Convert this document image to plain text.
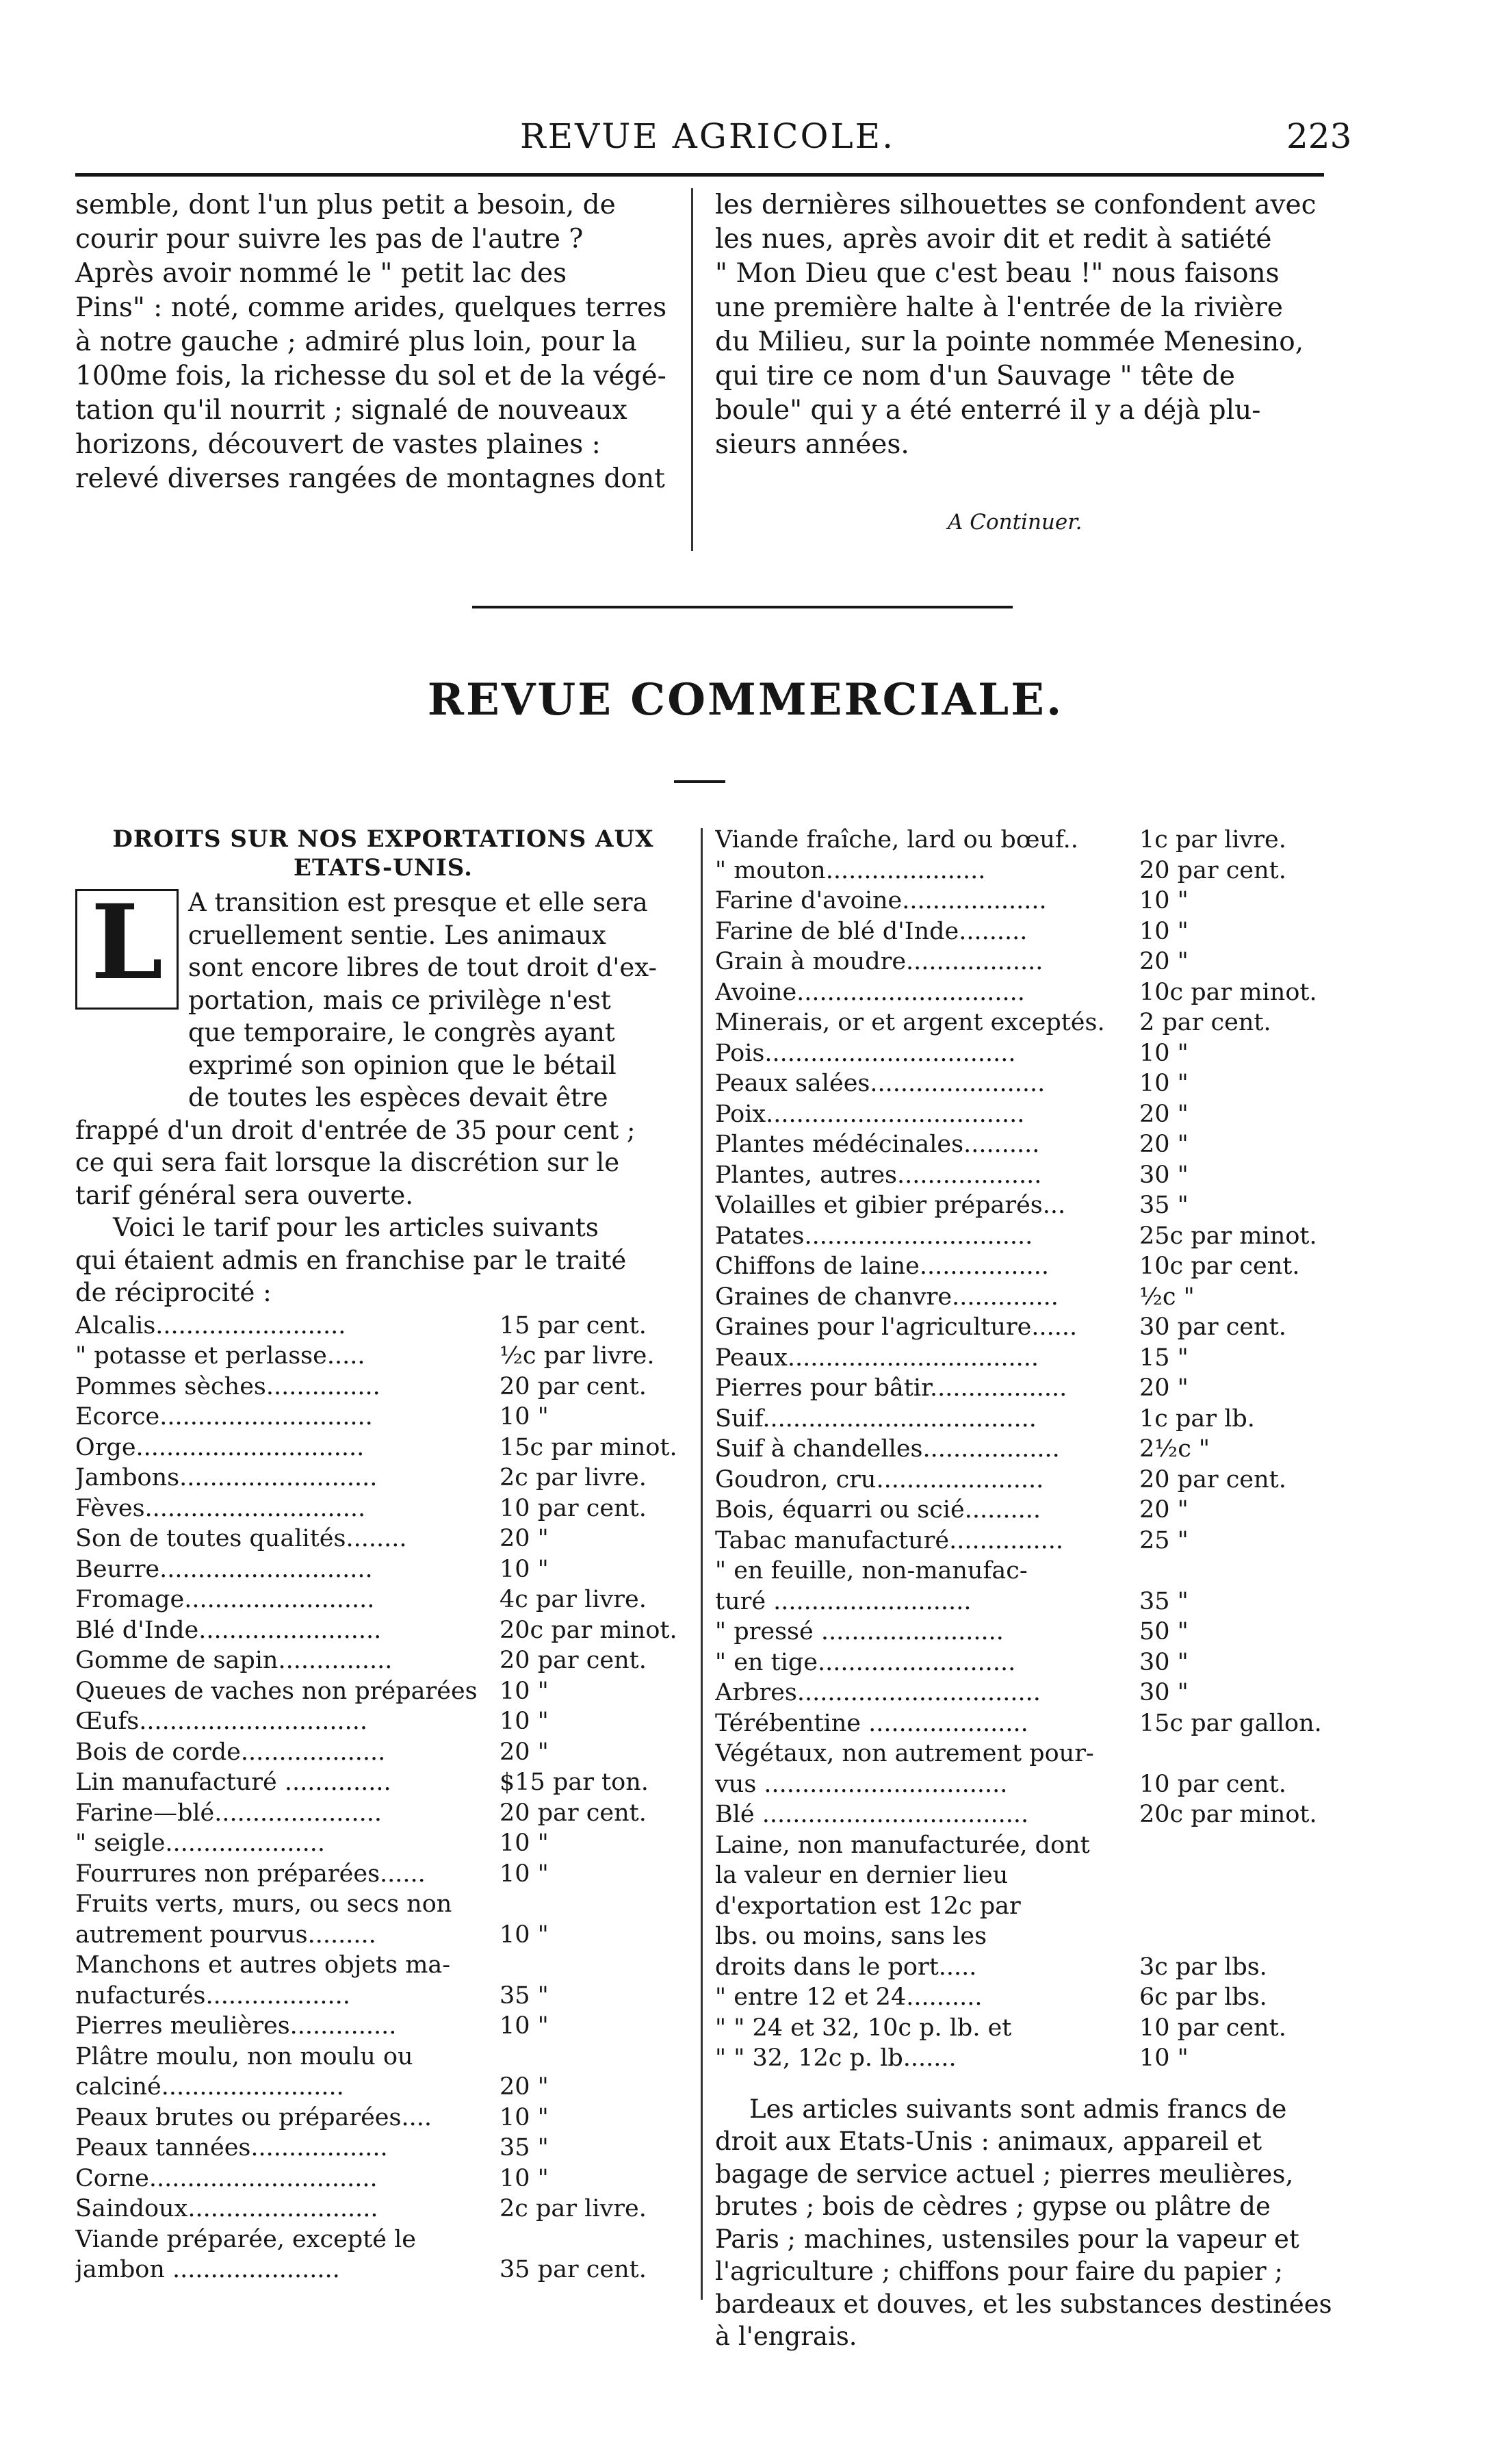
REVUE AGRICOLE.	223
semble, dont l'un plus petit a besoin, de
courir pour suivre les pas de l'autre ?
Après avoir nommé le " petit lac des
Pins" : noté, comme arides, quelques terres
à notre gauche ; admiré plus loin, pour la
100me fois, la richesse du sol et de la végé-
tation qu'il nourrit ; signalé de nouveaux
horizons, découvert de vastes plaines :
relevé diverses rangées de montagnes dont
les dernières silhouettes se confondent avec
les nues, après avoir dit et redit à satiété
" Mon Dieu que c'est beau !" nous faisons
une première halte à l'entrée de la rivière
du Milieu, sur la pointe nommée Menesino,
qui tire ce nom d'un Sauvage " tête de
boule" qui y a été enterré il y a déjà plu-
sieurs années.
A Continuer.
REVUE COMMERCIALE.
DROITS SUR NOS EXPORTATIONS AUX
ETATS-UNIS.
L A transition est presque et elle sera
cruellement sentie. Les animaux
sont encore libres de tout droit d'ex-
portation, mais ce privilège n'est
que temporaire, le congrès ayant
exprimé son opinion que le bétail
de toutes les espèces devait être
frappé d'un droit d'entrée de 35 pour cent ;
ce qui sera fait lorsque la discrétion sur le
tarif général sera ouverte.
Voici le tarif pour les articles suivants
qui étaient admis en franchise par le traité
de réciprocité :
Alcalis.........................	15 par cent.
" potasse et perlasse.....	½c par livre.
Pommes sèches...............	20 par cent.
Ecorce............................	10 "
Orge..............................	15c par minot.
Jambons..........................	2c par livre.
Fèves.............................	10 par cent.
Son de toutes qualités........	20 "
Beurre............................	10 "
Fromage.........................	4c par livre.
Blé d'Inde........................	20c par minot.
Gomme de sapin...............	20 par cent.
Queues de vaches non préparées 10 "
Œufs..............................	10 "
Bois de corde...................	20 "
Lin manufacturé ..............	$15 par ton.
Farine—blé......................	20 par cent.
" seigle.....................	10 "
Fourrures non préparées......	10 "
Fruits verts, murs, ou secs non
autrement pourvus.........	10 "
Manchons et autres objets ma-
nufacturés...................	35 "
Pierres meulières..............	10 "
Plâtre moulu, non moulu ou
calciné........................	20 "
Peaux brutes ou préparées....	10 "
Peaux tannées..................	35 "
Corne..............................	10 "
Saindoux.........................	2c par livre.
Viande préparée, excepté le
jambon ......................	35 par cent.
Viande fraîche, lard ou bœuf..	1c par livre.
" mouton.....................	20 par cent.
Farine d'avoine...................	10 "
Farine de blé d'Inde.........	10 "
Grain à moudre..................	20 "
Avoine..............................	10c par minot.
Minerais, or et argent exceptés.	2 par cent.
Pois.................................	10 "
Peaux salées.......................	10 "
Poix..................................	20 "
Plantes médécinales..........	20 "
Plantes, autres...................	30 "
Volailles et gibier préparés...	35 "
Patates..............................	25c par minot.
Chiffons de laine.................	10c par cent.
Graines de chanvre..............	½c "
Graines pour l'agriculture......	30 par cent.
Peaux.................................	15 "
Pierres pour bâtir..................	20 "
Suif....................................	1c par lb.
Suif à chandelles..................	2½c "
Goudron, cru......................	20 par cent.
Bois, équarri ou scié..........	20 "
Tabac manufacturé...............	25 "
" en feuille, non-manufac-
turé ..........................	35 "
" pressé ........................	50 "
" en tige..........................	30 "
Arbres................................	30 "
Térébentine .....................	15c par gallon.
Végétaux, non autrement pour-
vus ................................	10 par cent.
Blé ...................................	20c par minot.
Laine, non manufacturée, dont
la valeur en dernier lieu
d'exportation est 12c par
lbs. ou moins, sans les
droits dans le port.....	3c par lbs.
" entre 12 et 24..........	6c par lbs.
" " 24 et 32, 10c p. lb. et	10 par cent.
" " 32, 12c p. lb.......	10 "
Les articles suivants sont admis francs de
droit aux Etats-Unis : animaux, appareil et
bagage de service actuel ; pierres meulières,
brutes ; bois de cèdres ; gypse ou plâtre de
Paris ; machines, ustensiles pour la vapeur et
l'agriculture ; chiffons pour faire du papier ;
bardeaux et douves, et les substances destinées
à l'engrais.
